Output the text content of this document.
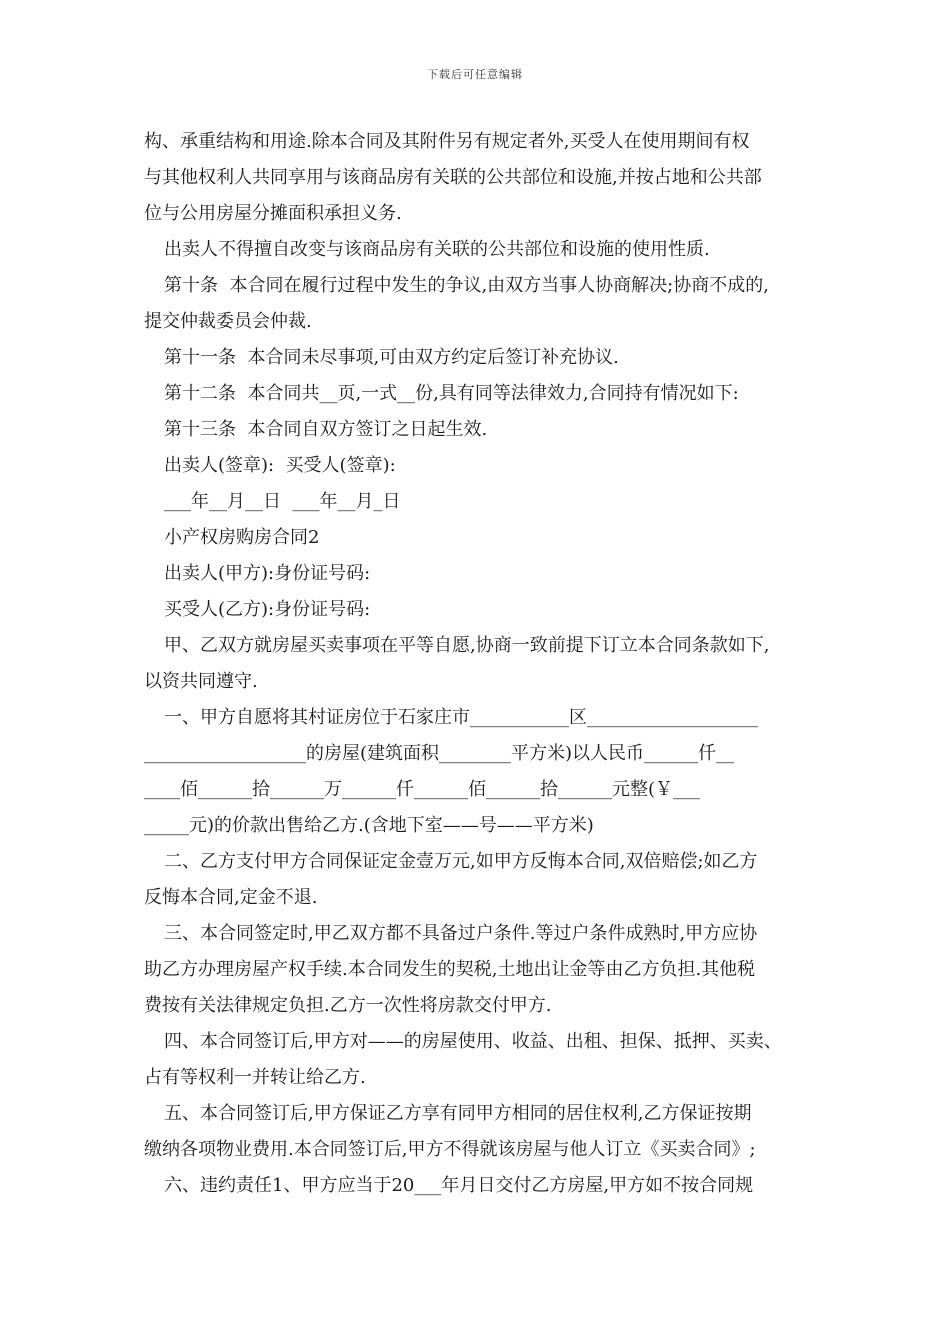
下载后可任意编辑
构、承重结构和用途.除本合同及其附件另有规定者外,买受人在使用期间有权
与其他权利人共同享用与该商品房有关联的公共部位和设施,并按占地和公共部
位与公用房屋分摊面积承担义务.
出卖人不得擅自改变与该商品房有关联的公共部位和设施的使用性质.
第十条  本合同在履行过程中发生的争议,由双方当事人协商解决;协商不成的,
提交仲裁委员会仲裁.
第十一条  本合同未尽事项,可由双方约定后签订补充协议.
第十二条  本合同共__页,一式__份,具有同等法律效力,合同持有情况如下:
第十三条  本合同自双方签订之日起生效.
出卖人(签章):  买受人(签章):
___年__月__日  ___年__月_日
小产权房购房合同2
出卖人(甲方):身份证号码:
买受人(乙方):身份证号码:
甲、乙双方就房屋买卖事项在平等自愿,协商一致前提下订立本合同条款如下,
以资共同遵守.
一、甲方自愿将其村证房位于石家庄市___________区___________________
__________________的房屋(建筑面积________平方米)以人民币______仟__
____佰______拾______万______仟______佰______拾______元整(￥___
_____元)的价款出售给乙方.(含地下室——号——平方米)
二、乙方支付甲方合同保证定金壹万元,如甲方反悔本合同,双倍赔偿;如乙方
反悔本合同,定金不退.
三、本合同签定时,甲乙双方都不具备过户条件.等过户条件成熟时,甲方应协
助乙方办理房屋产权手续.本合同发生的契税,土地出让金等由乙方负担.其他税
费按有关法律规定负担.乙方一次性将房款交付甲方.
四、本合同签订后,甲方对——的房屋使用、收益、出租、担保、抵押、买卖、
占有等权利一并转让给乙方.
五、本合同签订后,甲方保证乙方享有同甲方相同的居住权利,乙方保证按期
缴纳各项物业费用.本合同签订后,甲方不得就该房屋与他人订立《买卖合同》;
六、违约责任1、甲方应当于20___年月日交付乙方房屋,甲方如不按合同规
